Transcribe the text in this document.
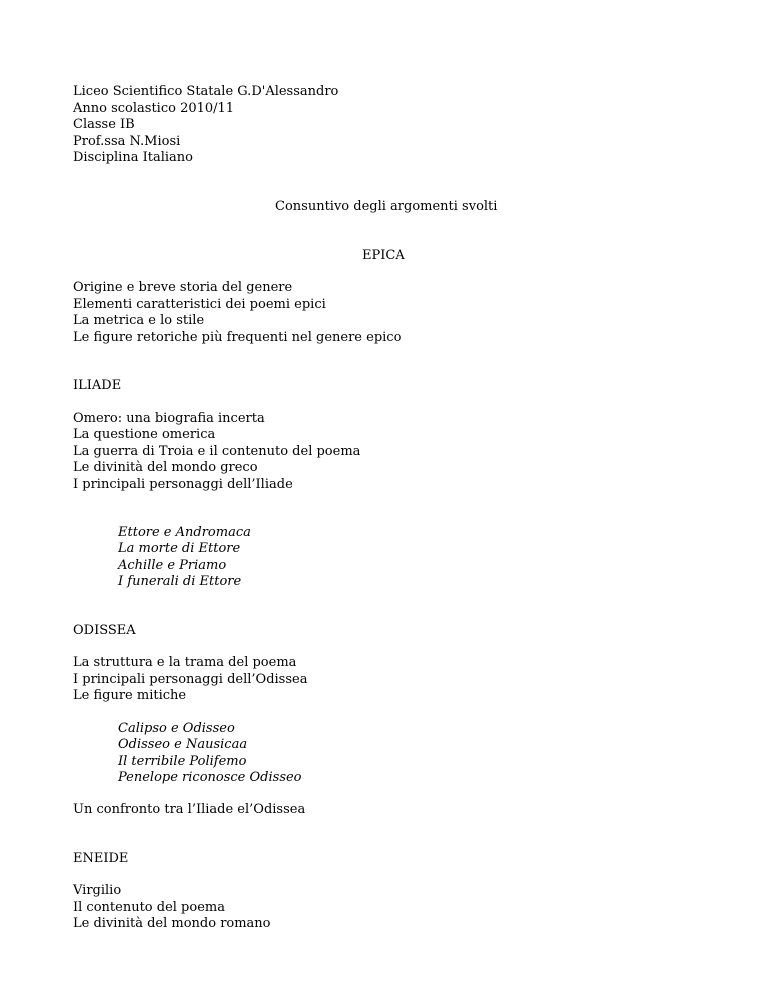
Liceo Scientifico Statale G.D'Alessandro
Anno scolastico 2010/11
Classe IB
Prof.ssa N.Miosi
Disciplina Italiano
Consuntivo degli argomenti svolti
EPICA
Origine e breve storia del genere
Elementi caratteristici dei poemi epici
La metrica e lo stile
Le figure retoriche più frequenti nel genere epico
ILIADE
Omero: una biografia incerta
La questione omerica
La guerra di Troia e il contenuto del poema
Le divinità del mondo greco
I principali personaggi dell’Iliade
Ettore e Andromaca
La morte di Ettore
Achille e Priamo
I funerali di Ettore
ODISSEA
La struttura e la trama del poema
I principali personaggi dell’Odissea
Le figure mitiche
Calipso e Odisseo
Odisseo e Nausicaa
Il terribile Polifemo
Penelope riconosce Odisseo
Un confronto tra l’Iliade el’Odissea
ENEIDE
Virgilio
Il contenuto del poema
Le divinità del mondo romano
